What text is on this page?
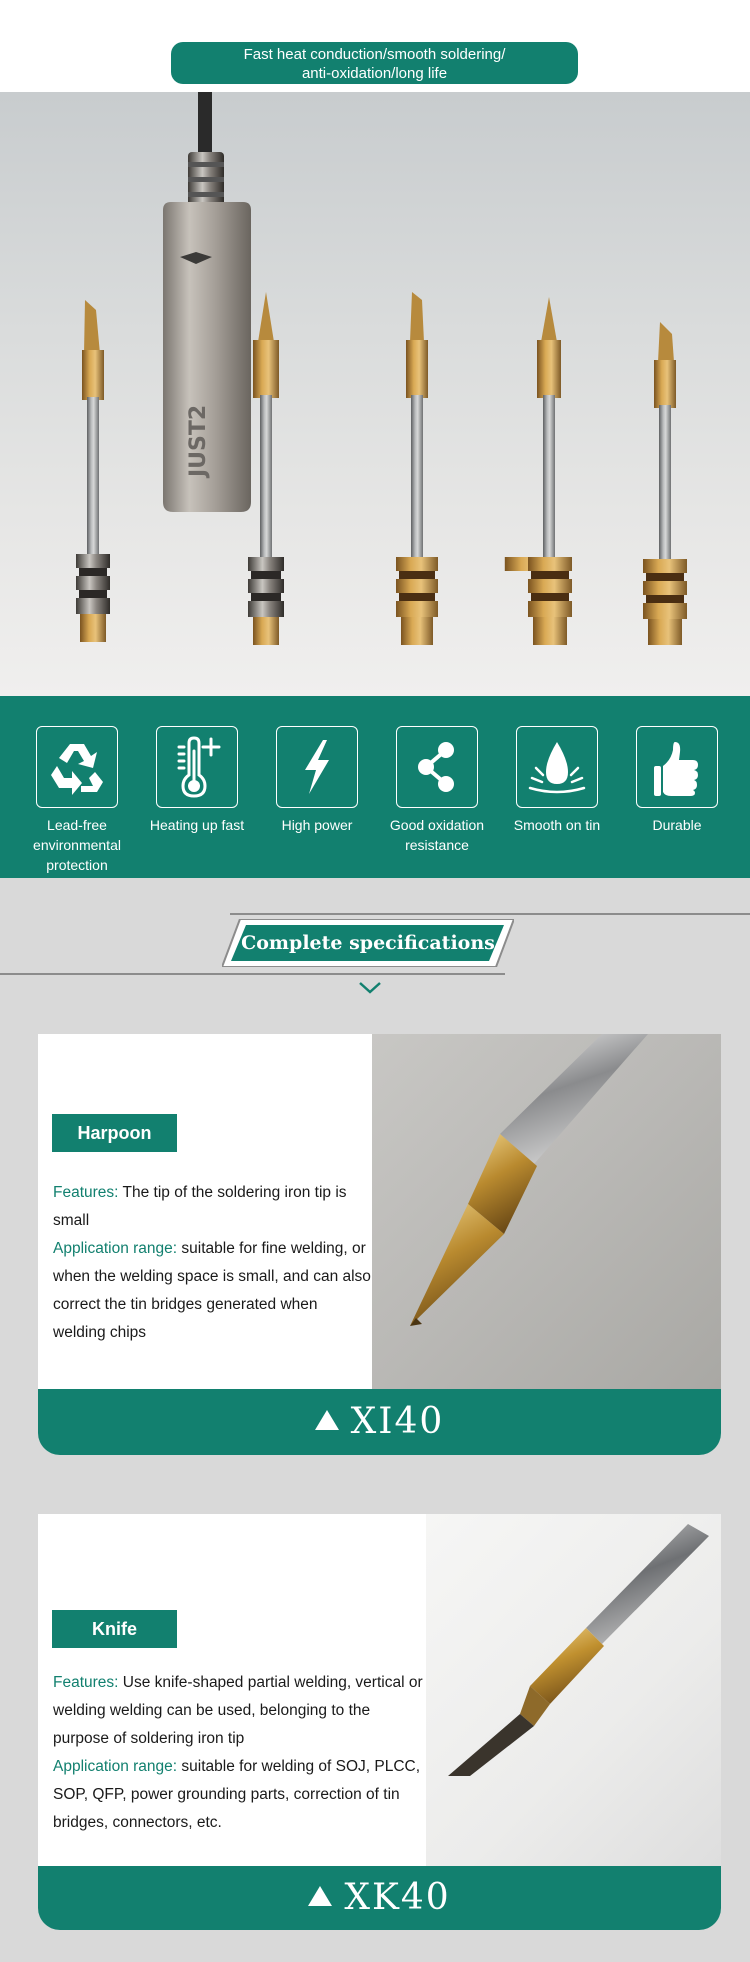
Fast heat conduction/smooth soldering/
anti-oxidation/long life
JUST2
Lead-free environmental protection
Heating up fast	High power	Good oxidation resistance
Smooth on tin	Durable
Complete specifications
Harpoon
Features: The tip of the soldering iron tip is small
Application range: suitable for fine welding, or when the welding space is small, and can also correct the tin bridges generated when welding chips
XI40
Knife
Features: Use knife-shaped partial welding, vertical or welding welding can be used, belonging to the purpose of soldering iron tip
Application range: suitable for welding of SOJ, PLCC, SOP, QFP, power grounding parts, correction of tin bridges, connectors, etc.
XK40
